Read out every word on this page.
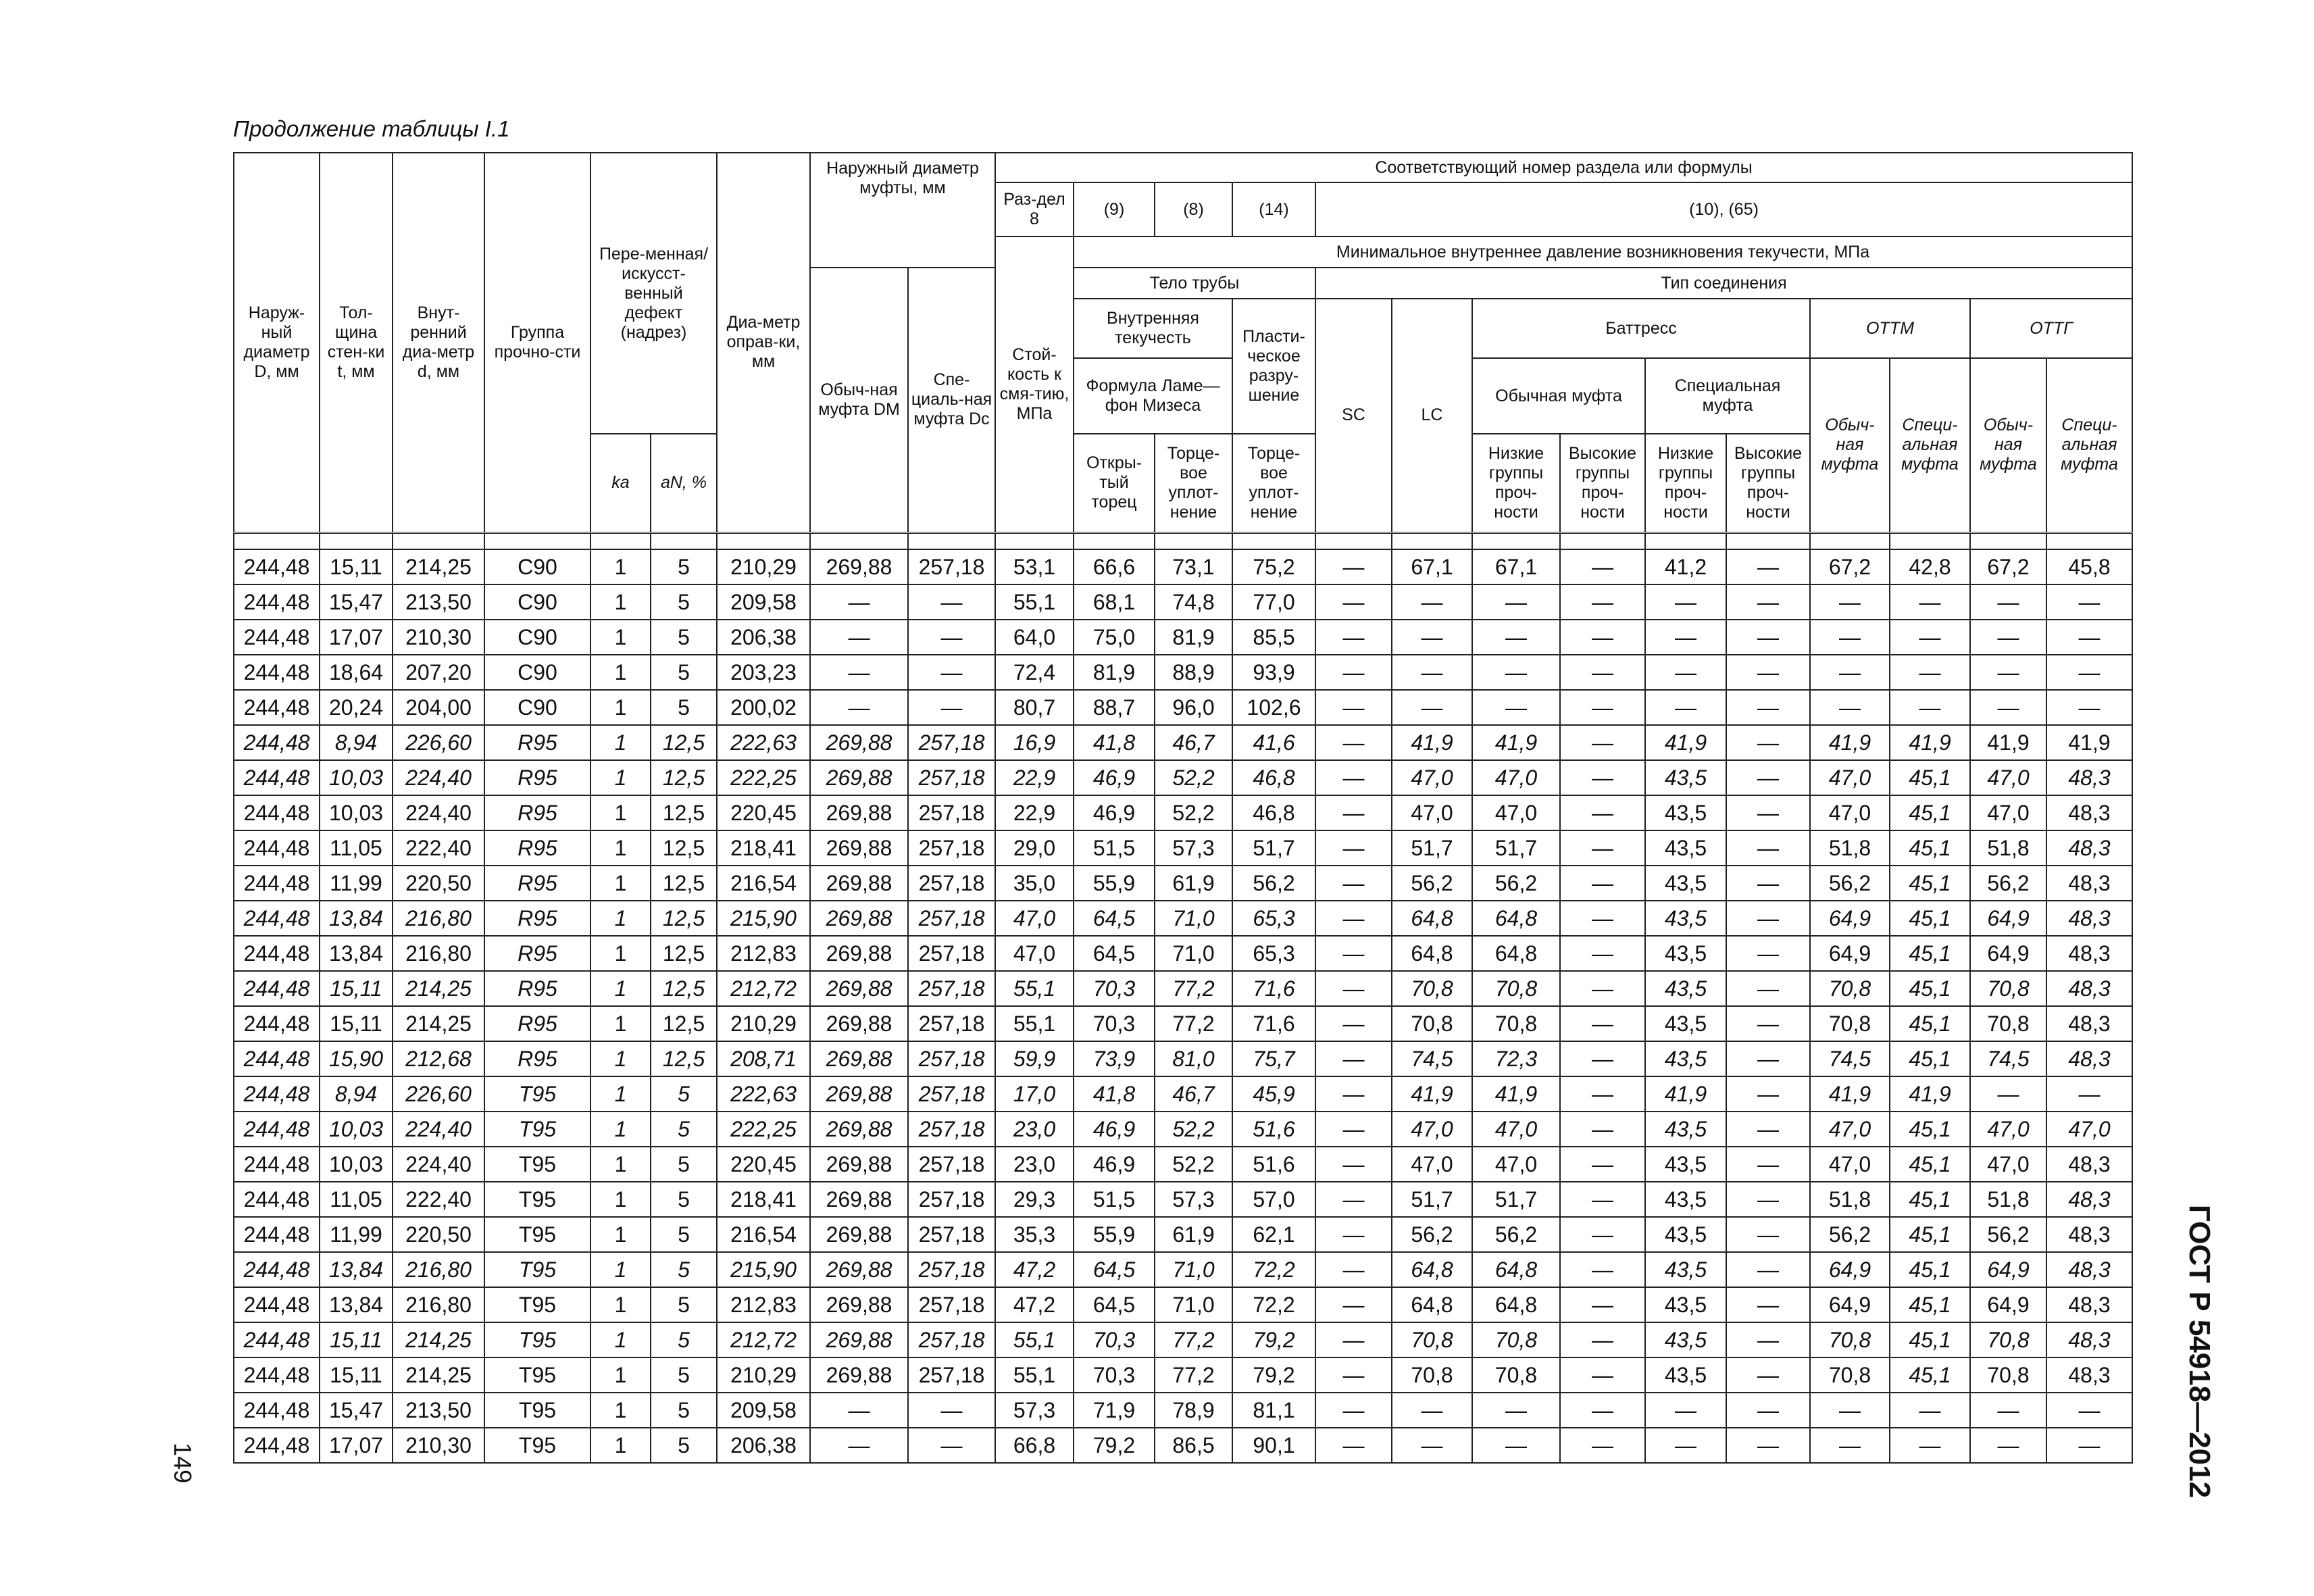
Продолжение таблицы I.1
Наруж-ный диаметр D, мм	Тол-щина стен-ки t, мм	Внут-ренний диа-метр d, мм	Группа прочно-сти	Пере-менная/ искусст-венный дефект (надрез)		Диа-метр оправ-ки, мм	Наружный диаметр муфты, мм		Соответствующий номер раздела или формулы													
									Раз-дел 8	(9)	(8)	(14)	(10), (65)									
									Стой-кость к смя-тию, МПа	Минимальное внутреннее давление возникновения текучести, МПа												
							Обыч-ная муфта DM	Спе-циаль-ная муфта Dc		Тело трубы			Тип соединения									
										Внутренняя текучесть		Пласти-ческое разру-шение	SC	LC	Баттресс				ОТТМ		ОТТГ	
										Формула Ламе—фон Мизеса					Обычная муфта		Специальная муфта		Обыч-ная муфта	Специ-альная муфта	Обыч-ная муфта	Специ-альная муфта
				ka	aN, %					Откры-тый торец	Торце-вое уплот-нение	Торце-вое уплот-нение			Низкие группы проч-ности	Высокие группы проч-ности	Низкие группы проч-ности	Высокие группы проч-ности				

244,48	15,11	214,25	C90	1	5	210,29	269,88	257,18	53,1	66,6	73,1	75,2	—	67,1	67,1	—	41,2	—	67,2	42,8	67,2	45,8
244,48	15,47	213,50	C90	1	5	209,58	—	—	55,1	68,1	74,8	77,0	—	—	—	—	—	—	—	—	—	—
244,48	17,07	210,30	C90	1	5	206,38	—	—	64,0	75,0	81,9	85,5	—	—	—	—	—	—	—	—	—	—
244,48	18,64	207,20	C90	1	5	203,23	—	—	72,4	81,9	88,9	93,9	—	—	—	—	—	—	—	—	—	—
244,48	20,24	204,00	C90	1	5	200,02	—	—	80,7	88,7	96,0	102,6	—	—	—	—	—	—	—	—	—	—
244,48	8,94	226,60	R95	1	12,5	222,63	269,88	257,18	16,9	41,8	46,7	41,6	—	41,9	41,9	—	41,9	—	41,9	41,9	41,9	41,9
244,48	10,03	224,40	R95	1	12,5	222,25	269,88	257,18	22,9	46,9	52,2	46,8	—	47,0	47,0	—	43,5	—	47,0	45,1	47,0	48,3
244,48	10,03	224,40	R95	1	12,5	220,45	269,88	257,18	22,9	46,9	52,2	46,8	—	47,0	47,0	—	43,5	—	47,0	45,1	47,0	48,3
244,48	11,05	222,40	R95	1	12,5	218,41	269,88	257,18	29,0	51,5	57,3	51,7	—	51,7	51,7	—	43,5	—	51,8	45,1	51,8	48,3
244,48	11,99	220,50	R95	1	12,5	216,54	269,88	257,18	35,0	55,9	61,9	56,2	—	56,2	56,2	—	43,5	—	56,2	45,1	56,2	48,3
244,48	13,84	216,80	R95	1	12,5	215,90	269,88	257,18	47,0	64,5	71,0	65,3	—	64,8	64,8	—	43,5	—	64,9	45,1	64,9	48,3
244,48	13,84	216,80	R95	1	12,5	212,83	269,88	257,18	47,0	64,5	71,0	65,3	—	64,8	64,8	—	43,5	—	64,9	45,1	64,9	48,3
244,48	15,11	214,25	R95	1	12,5	212,72	269,88	257,18	55,1	70,3	77,2	71,6	—	70,8	70,8	—	43,5	—	70,8	45,1	70,8	48,3
244,48	15,11	214,25	R95	1	12,5	210,29	269,88	257,18	55,1	70,3	77,2	71,6	—	70,8	70,8	—	43,5	—	70,8	45,1	70,8	48,3
244,48	15,90	212,68	R95	1	12,5	208,71	269,88	257,18	59,9	73,9	81,0	75,7	—	74,5	72,3	—	43,5	—	74,5	45,1	74,5	48,3
244,48	8,94	226,60	T95	1	5	222,63	269,88	257,18	17,0	41,8	46,7	45,9	—	41,9	41,9	—	41,9	—	41,9	41,9	—	—
244,48	10,03	224,40	T95	1	5	222,25	269,88	257,18	23,0	46,9	52,2	51,6	—	47,0	47,0	—	43,5	—	47,0	45,1	47,0	47,0
244,48	10,03	224,40	T95	1	5	220,45	269,88	257,18	23,0	46,9	52,2	51,6	—	47,0	47,0	—	43,5	—	47,0	45,1	47,0	48,3
244,48	11,05	222,40	T95	1	5	218,41	269,88	257,18	29,3	51,5	57,3	57,0	—	51,7	51,7	—	43,5	—	51,8	45,1	51,8	48,3
244,48	11,99	220,50	T95	1	5	216,54	269,88	257,18	35,3	55,9	61,9	62,1	—	56,2	56,2	—	43,5	—	56,2	45,1	56,2	48,3
244,48	13,84	216,80	T95	1	5	215,90	269,88	257,18	47,2	64,5	71,0	72,2	—	64,8	64,8	—	43,5	—	64,9	45,1	64,9	48,3
244,48	13,84	216,80	T95	1	5	212,83	269,88	257,18	47,2	64,5	71,0	72,2	—	64,8	64,8	—	43,5	—	64,9	45,1	64,9	48,3
244,48	15,11	214,25	T95	1	5	212,72	269,88	257,18	55,1	70,3	77,2	79,2	—	70,8	70,8	—	43,5	—	70,8	45,1	70,8	48,3
244,48	15,11	214,25	T95	1	5	210,29	269,88	257,18	55,1	70,3	77,2	79,2	—	70,8	70,8	—	43,5	—	70,8	45,1	70,8	48,3
244,48	15,47	213,50	T95	1	5	209,58	—	—	57,3	71,9	78,9	81,1	—	—	—	—	—	—	—	—	—	—
244,48	17,07	210,30	T95	1	5	206,38	—	—	66,8	79,2	86,5	90,1	—	—	—	—	—	—	—	—	—	—	ГОСТ Р 54918—2012
149
